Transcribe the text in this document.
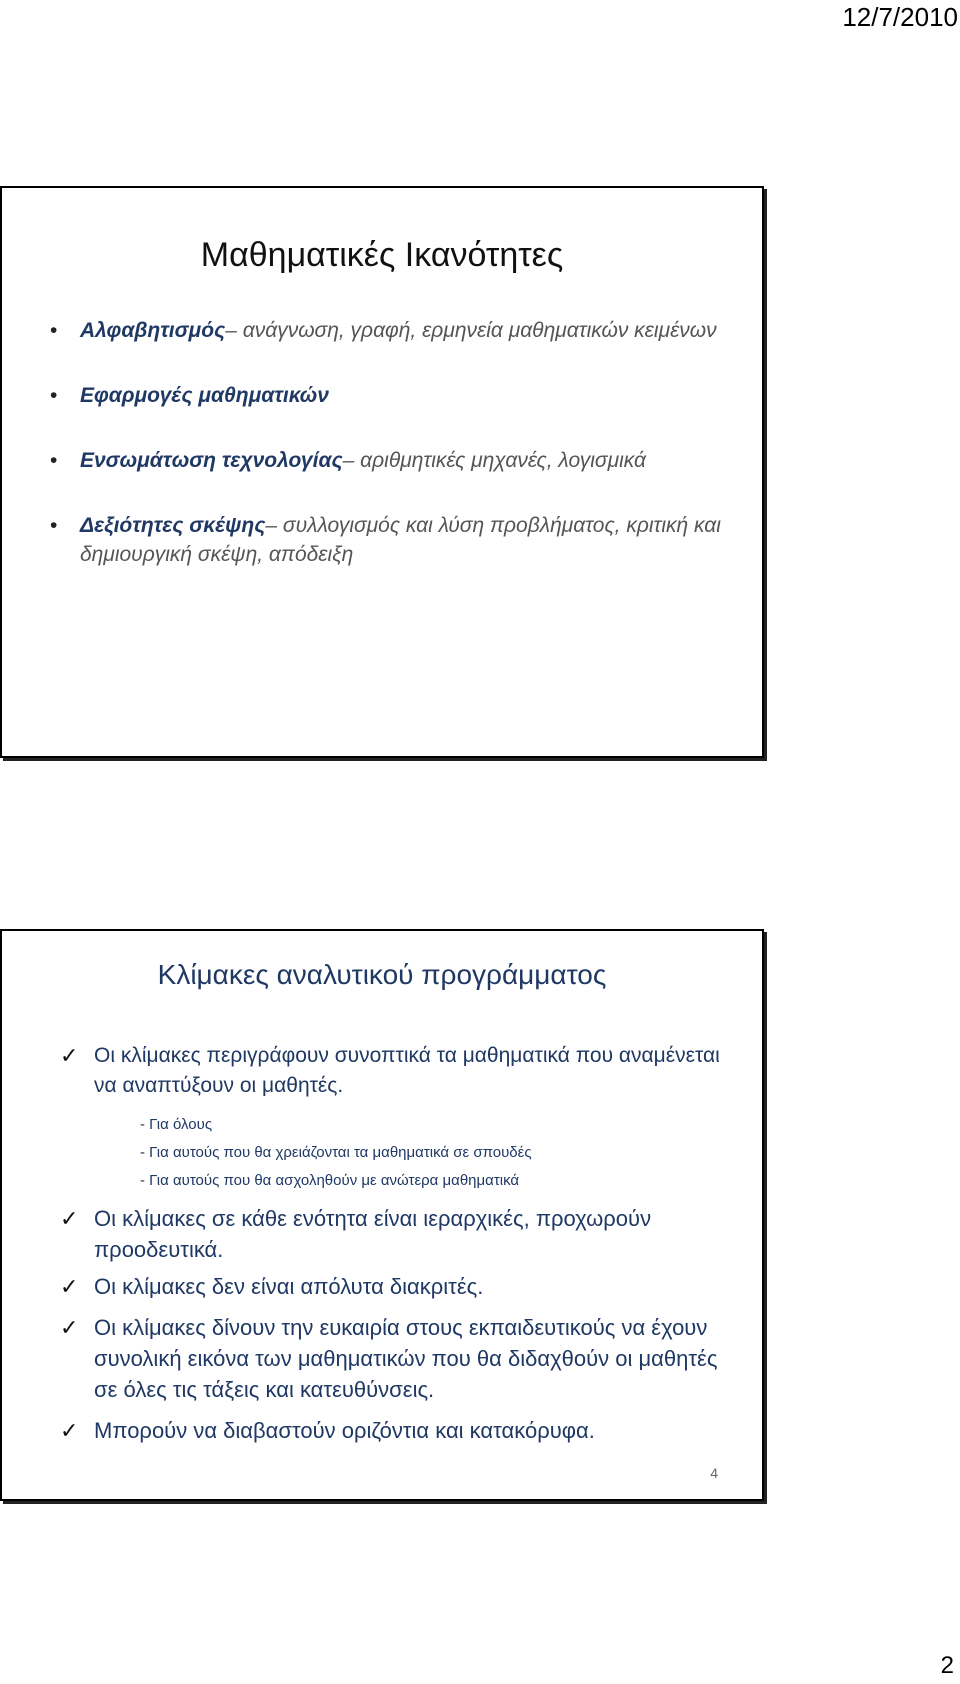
12/7/2010
Μαθηματικές Ικανότητες
• Αλφαβητισμός– ανάγνωση, γραφή, ερμηνεία μαθηματικών κειμένων
• Εφαρμογές μαθηματικών
• Ενσωμάτωση τεχνολογίας– αριθμητικές μηχανές, λογισμικά
• Δεξιότητες σκέψης– συλλογισμός και λύση προβλήματος, κριτική και δημιουργική σκέψη, απόδειξη
Κλίμακες αναλυτικού προγράμματος
✓ Οι κλίμακες περιγράφουν συνοπτικά τα μαθηματικά που αναμένεται να αναπτύξουν οι μαθητές.
- Για όλους
- Για αυτούς που θα χρειάζονται τα μαθηματικά σε σπουδές
- Για αυτούς που θα ασχοληθούν με ανώτερα μαθηματικά
✓ Οι κλίμακες σε κάθε ενότητα είναι ιεραρχικές, προχωρούν προοδευτικά.
✓ Οι κλίμακες δεν είναι απόλυτα διακριτές.
✓ Οι κλίμακες δίνουν την ευκαιρία στους εκπαιδευτικούς να έχουν συνολική εικόνα των μαθηματικών που θα διδαχθούν οι μαθητές σε όλες τις τάξεις και κατευθύνσεις.
✓ Μπορούν να διαβαστούν οριζόντια και κατακόρυφα.
4
2
